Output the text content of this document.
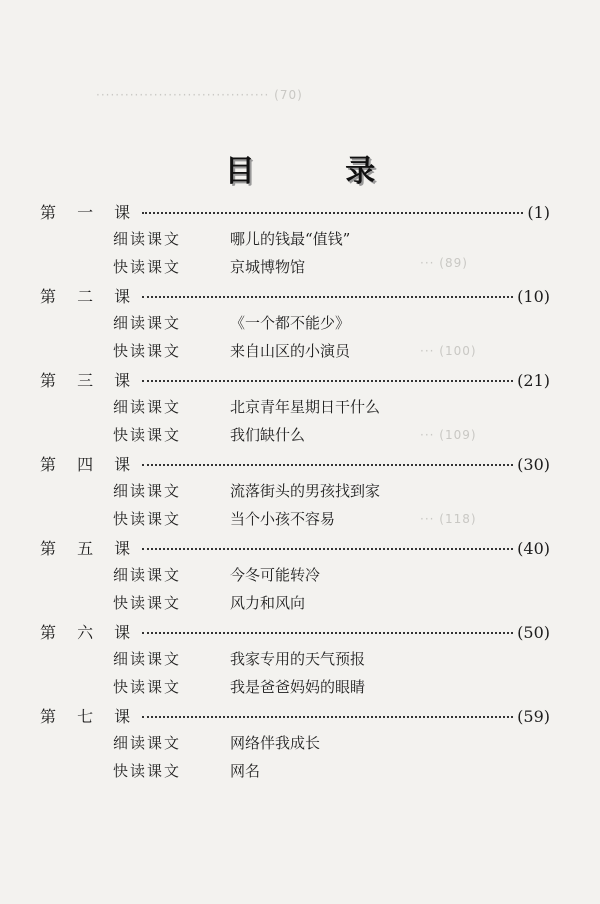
···································· (70)
··· (89)
··· (100)
··· (109)
··· (118)
目 录
第 一 课	(1)
细读课文	哪儿的钱最“值钱”
快读课文	京城博物馆
第 二 课	(10)
细读课文	《一个都不能少》
快读课文	来自山区的小演员
第 三 课	(21)
细读课文	北京青年星期日干什么
快读课文	我们缺什么
第 四 课	(30)
细读课文	流落街头的男孩找到家
快读课文	当个小孩不容易
第 五 课	(40)
细读课文	今冬可能转冷
快读课文	风力和风向
第 六 课	(50)
细读课文	我家专用的天气预报
快读课文	我是爸爸妈妈的眼睛
第 七 课	(59)
细读课文	网络伴我成长
快读课文	网名
